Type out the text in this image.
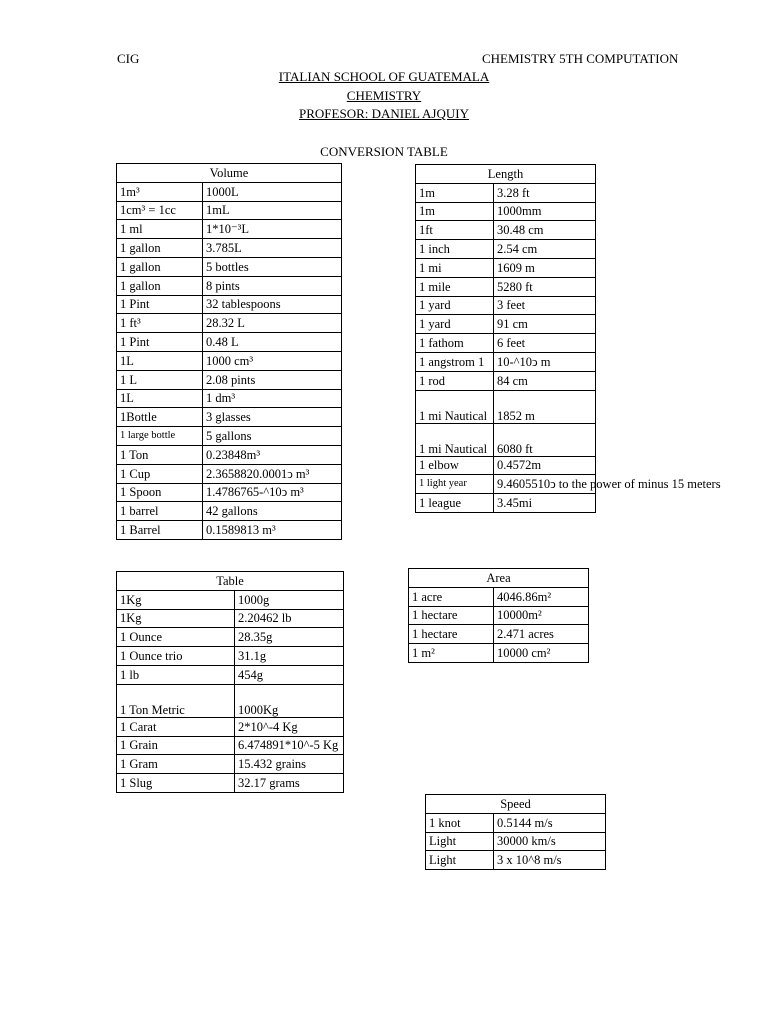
CIG	CHEMISTRY 5TH COMPUTATION
ITALIAN SCHOOL OF GUATEMALA
CHEMISTRY
PROFESOR: DANIEL AJQUIY
CONVERSION TABLE
Volume	
1m³	1000L
1cm³ = 1cc	1mL
1 ml	1*10⁻³L
1 gallon	3.785L
1 gallon	5 bottles
1 gallon	8 pints
1 Pint	32 tablespoons
1 ft³	28.32 L
1 Pint	0.48 L
1L	1000 cm³
1 L	2.08 pints
1L	1 dm³
1Bottle	3 glasses
1 large bottle	5 gallons
1 Ton	0.23848m³
1 Cup	2.3658820.0001ↄ m³
1 Spoon	1.4786765-^10ↄ m³
1 barrel	42 gallons
1 Barrel	0.1589813 m³
Length	
1m	3.28 ft
1m	1000mm
1ft	30.48 cm
1 inch	2.54 cm
1 mi	1609 m
1 mile	5280 ft
1 yard	3 feet
1 yard	91 cm
1 fathom	6 feet
1 angstrom 1	10-^10ↄ m
1 rod	84 cm
1 mi Nautical	1852 m
1 mi Nautical	6080 ft
1 elbow	0.4572m
1 light year	9.4605510ↄ to the power of minus 15 meters
1 league	3.45mi
Table	
1Kg	1000g
1Kg	2.20462 lb
1 Ounce	28.35g
1 Ounce trio	31.1g
1 lb	454g
1 Ton Metric	1000Kg
1 Carat	2*10^-4 Kg
1 Grain	6.474891*10^-5 Kg
1 Gram	15.432 grains
1 Slug	32.17 grams
Area	
1 acre	4046.86m²
1 hectare	10000m²
1 hectare	2.471 acres
1 m²	10000 cm²
Speed	
1 knot	0.5144 m/s
Light	30000 km/s
Light	3 x 10^8 m/s
